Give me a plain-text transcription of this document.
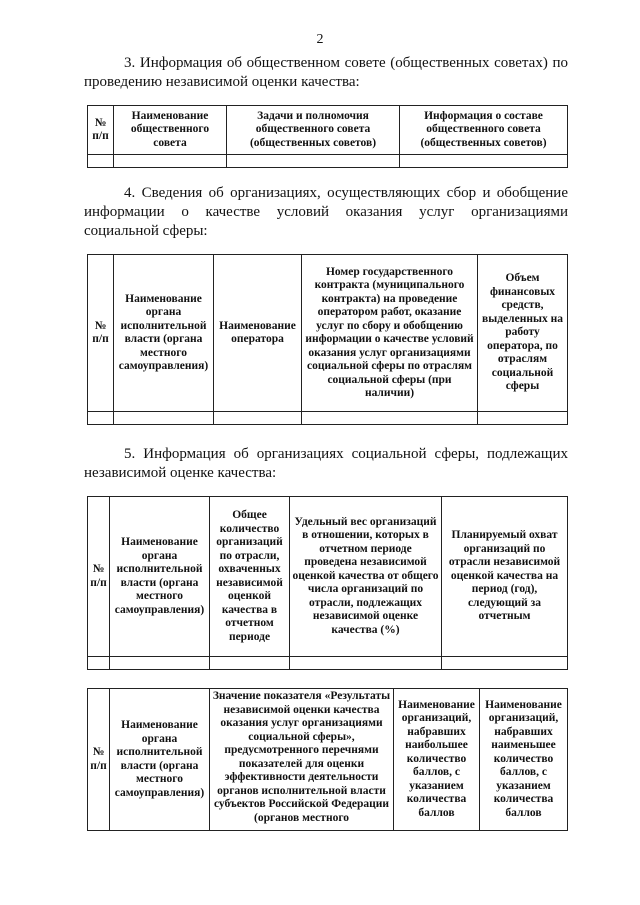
2
3. Информация об общественном совете (общественных советах) по проведению независимой оценки качества:
№ п/п	Наименование общественного совета	Задачи и полномочия общественного совета (общественных советов)	Информация о составе общественного совета (общественных советов)

4. Сведения об организациях, осуществляющих сбор и обобщение информации о качестве условий оказания услуг организациями социальной сферы:
№ п/п	Наименование органа исполнительной власти (органа местного самоуправления)	Наименование оператора	Номер государственного контракта (муниципального контракта) на проведение оператором работ, оказание услуг по сбору и обобщению информации о качестве условий оказания услуг организациями социальной сферы по отраслям социальной сферы (при наличии)	Объем финансовых средств, выделенных на работу оператора, по отраслям социальной сферы

5. Информация об организациях социальной сферы, подлежащих независимой оценке качества:
№ п/п	Наименование органа исполнительной власти (органа местного самоуправления)	Общее количество организаций по отрасли, охваченных независимой оценкой качества в отчетном периоде	Удельный вес организаций в отношении, которых в отчетном периоде проведена независимой оценкой качества от общего числа организаций по отрасли, подлежащих независимой оценке качества (%)	Планируемый охват организаций по отрасли независимой оценкой качества на период (год), следующий за отчетным

№ п/п	Наименование органа исполнительной власти (органа местного самоуправления)	Значение показателя «Результаты независимой оценки качества оказания услуг организациями социальной сферы», предусмотренного перечнями показателей для оценки эффективности деятельности органов исполнительной власти субъектов Российской Федерации (органов местного	Наименование организаций, набравших наибольшее количество баллов, с указанием количества баллов	Наименование организаций, набравших наименьшее количество баллов, с указанием количества баллов
